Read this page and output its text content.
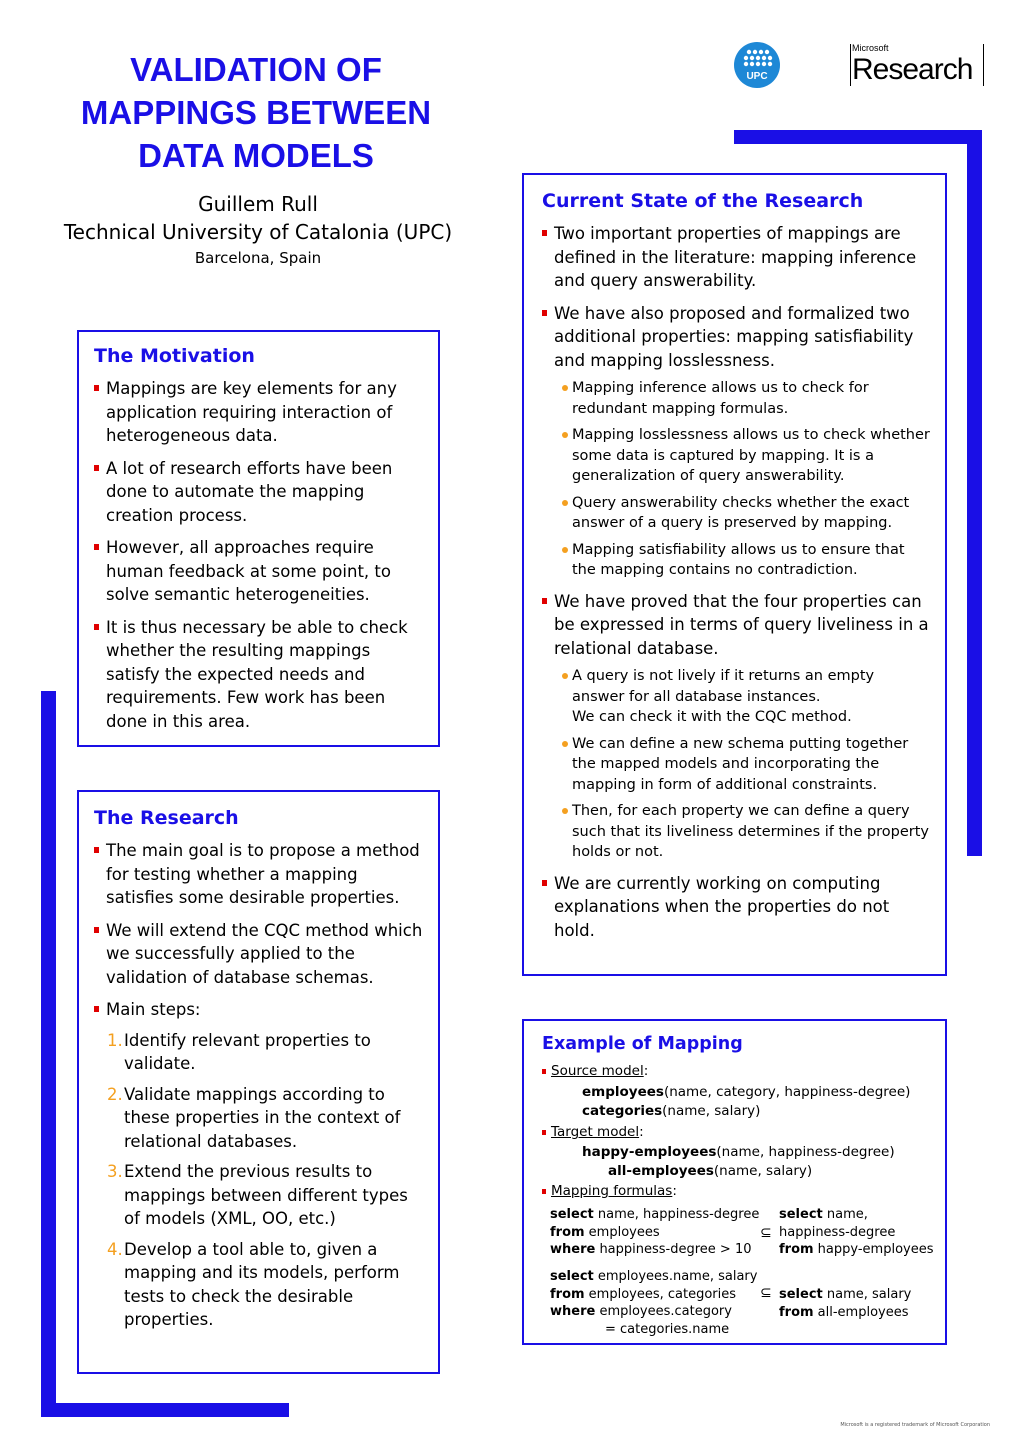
UPC
Microsoft
Research
VALIDATION OF
MAPPINGS BETWEEN
DATA MODELS
Guillem Rull
Technical University of Catalonia (UPC)
Barcelona, Spain
The Motivation
Mappings are key elements for any application requiring interaction of heterogeneous data.
A lot of research efforts have been done to automate the mapping creation process.
However, all approaches require human feedback at some point, to solve semantic heterogeneities.
It is thus necessary be able to check whether the resulting mappings satisfy the expected needs and requirements. Few work has been done in this area.
The Research
The main goal is to propose a method for testing whether a mapping satisfies some desirable properties.
We will extend the CQC method which we successfully applied to the validation of database schemas.
Main steps:
1. Identify relevant properties to validate.
2. Validate mappings according to these properties in the context of relational databases.
3. Extend the previous results to mappings between different types of models (XML, OO, etc.)
4. Develop a tool able to, given a mapping and its models, perform tests to check the desirable properties.
Current State of the Research
Two important properties of mappings are defined in the literature: mapping inference and query answerability.
We have also proposed and formalized two additional properties: mapping satisfiability and mapping losslessness.
Mapping inference allows us to check for redundant mapping formulas.
Mapping losslessness allows us to check whether some data is captured by mapping. It is a generalization of query answerability.
Query answerability checks whether the exact answer of a query is preserved by mapping.
Mapping satisfiability allows us to ensure that the mapping contains no contradiction.
We have proved that the four properties can be expressed in terms of query liveliness in a relational database.
A query is not lively if it returns an empty answer for all database instances.
We can check it with the CQC method.
We can define a new schema putting together the mapped models and incorporating the mapping in form of additional constraints.
Then, for each property we can define a query such that its liveliness determines if the property holds or not.
We are currently working on computing explanations when the properties do not hold.
Example of Mapping
Source model:
employees(name, category, happiness-degree)
categories(name, salary)
Target model:
happy-employees(name, happiness-degree)
all-employees(name, salary)
Mapping formulas:
select name, happiness-degree
from employees
where happiness-degree > 10
⊆
select name,
happiness-degree
from happy-employees
select employees.name, salary
from employees, categories
where employees.category
= categories.name
⊆ select name, salary
from all-employees
Microsoft is a registered trademark of Microsoft Corporation
